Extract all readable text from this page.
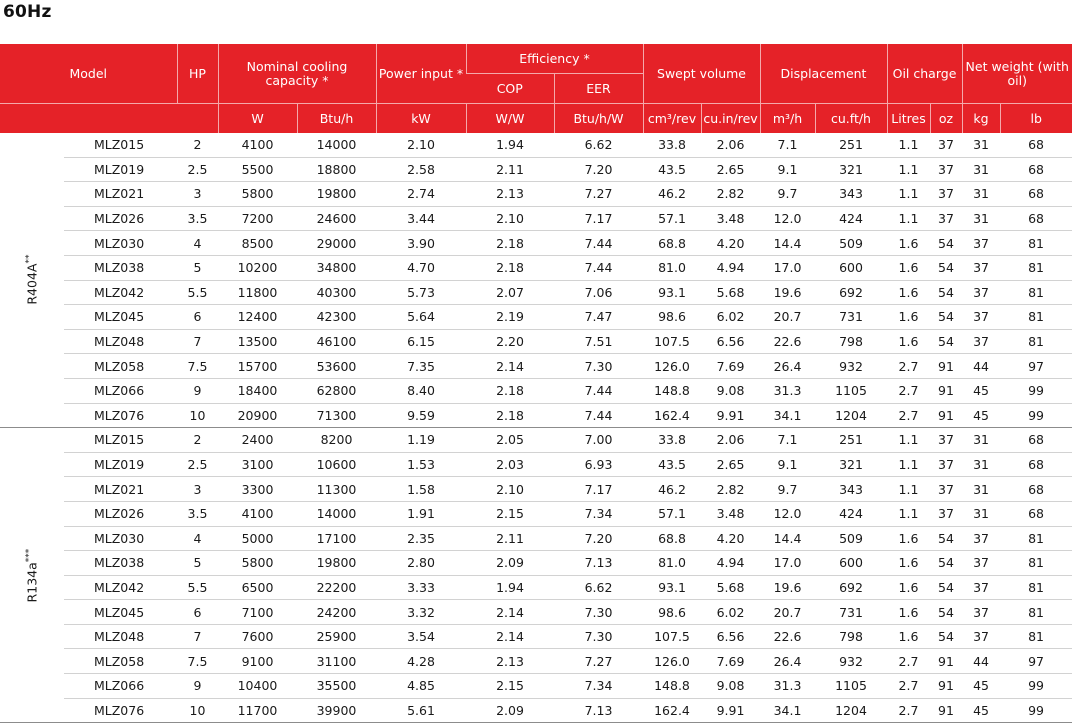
60Hz
Model		HP	Nominal cooling capacity *		Power input *	Efficiency *		Swept volume		Displacement		Oil charge		Net weight (with oil)	
						COP	EER								
			W	Btu/h	kW	W/W	Btu/h/W	cm³/rev	cu.in/rev	m³/h	cu.ft/h	Litres	oz	kg	lb
R404A**	MLZ015	2	4100	14000	2.10	1.94	6.62	33.8	2.06	7.1	251	1.1	37	31	68
	MLZ019	2.5	5500	18800	2.58	2.11	7.20	43.5	2.65	9.1	321	1.1	37	31	68
	MLZ021	3	5800	19800	2.74	2.13	7.27	46.2	2.82	9.7	343	1.1	37	31	68
	MLZ026	3.5	7200	24600	3.44	2.10	7.17	57.1	3.48	12.0	424	1.1	37	31	68
	MLZ030	4	8500	29000	3.90	2.18	7.44	68.8	4.20	14.4	509	1.6	54	37	81
	MLZ038	5	10200	34800	4.70	2.18	7.44	81.0	4.94	17.0	600	1.6	54	37	81
	MLZ042	5.5	11800	40300	5.73	2.07	7.06	93.1	5.68	19.6	692	1.6	54	37	81
	MLZ045	6	12400	42300	5.64	2.19	7.47	98.6	6.02	20.7	731	1.6	54	37	81
	MLZ048	7	13500	46100	6.15	2.20	7.51	107.5	6.56	22.6	798	1.6	54	37	81
	MLZ058	7.5	15700	53600	7.35	2.14	7.30	126.0	7.69	26.4	932	2.7	91	44	97
	MLZ066	9	18400	62800	8.40	2.18	7.44	148.8	9.08	31.3	1105	2.7	91	45	99
	MLZ076	10	20900	71300	9.59	2.18	7.44	162.4	9.91	34.1	1204	2.7	91	45	99
R134a***	MLZ015	2	2400	8200	1.19	2.05	7.00	33.8	2.06	7.1	251	1.1	37	31	68
	MLZ019	2.5	3100	10600	1.53	2.03	6.93	43.5	2.65	9.1	321	1.1	37	31	68
	MLZ021	3	3300	11300	1.58	2.10	7.17	46.2	2.82	9.7	343	1.1	37	31	68
	MLZ026	3.5	4100	14000	1.91	2.15	7.34	57.1	3.48	12.0	424	1.1	37	31	68
	MLZ030	4	5000	17100	2.35	2.11	7.20	68.8	4.20	14.4	509	1.6	54	37	81
	MLZ038	5	5800	19800	2.80	2.09	7.13	81.0	4.94	17.0	600	1.6	54	37	81
	MLZ042	5.5	6500	22200	3.33	1.94	6.62	93.1	5.68	19.6	692	1.6	54	37	81
	MLZ045	6	7100	24200	3.32	2.14	7.30	98.6	6.02	20.7	731	1.6	54	37	81
	MLZ048	7	7600	25900	3.54	2.14	7.30	107.5	6.56	22.6	798	1.6	54	37	81
	MLZ058	7.5	9100	31100	4.28	2.13	7.27	126.0	7.69	26.4	932	2.7	91	44	97
	MLZ066	9	10400	35500	4.85	2.15	7.34	148.8	9.08	31.3	1105	2.7	91	45	99
	MLZ076	10	11700	39900	5.61	2.09	7.13	162.4	9.91	34.1	1204	2.7	91	45	99
